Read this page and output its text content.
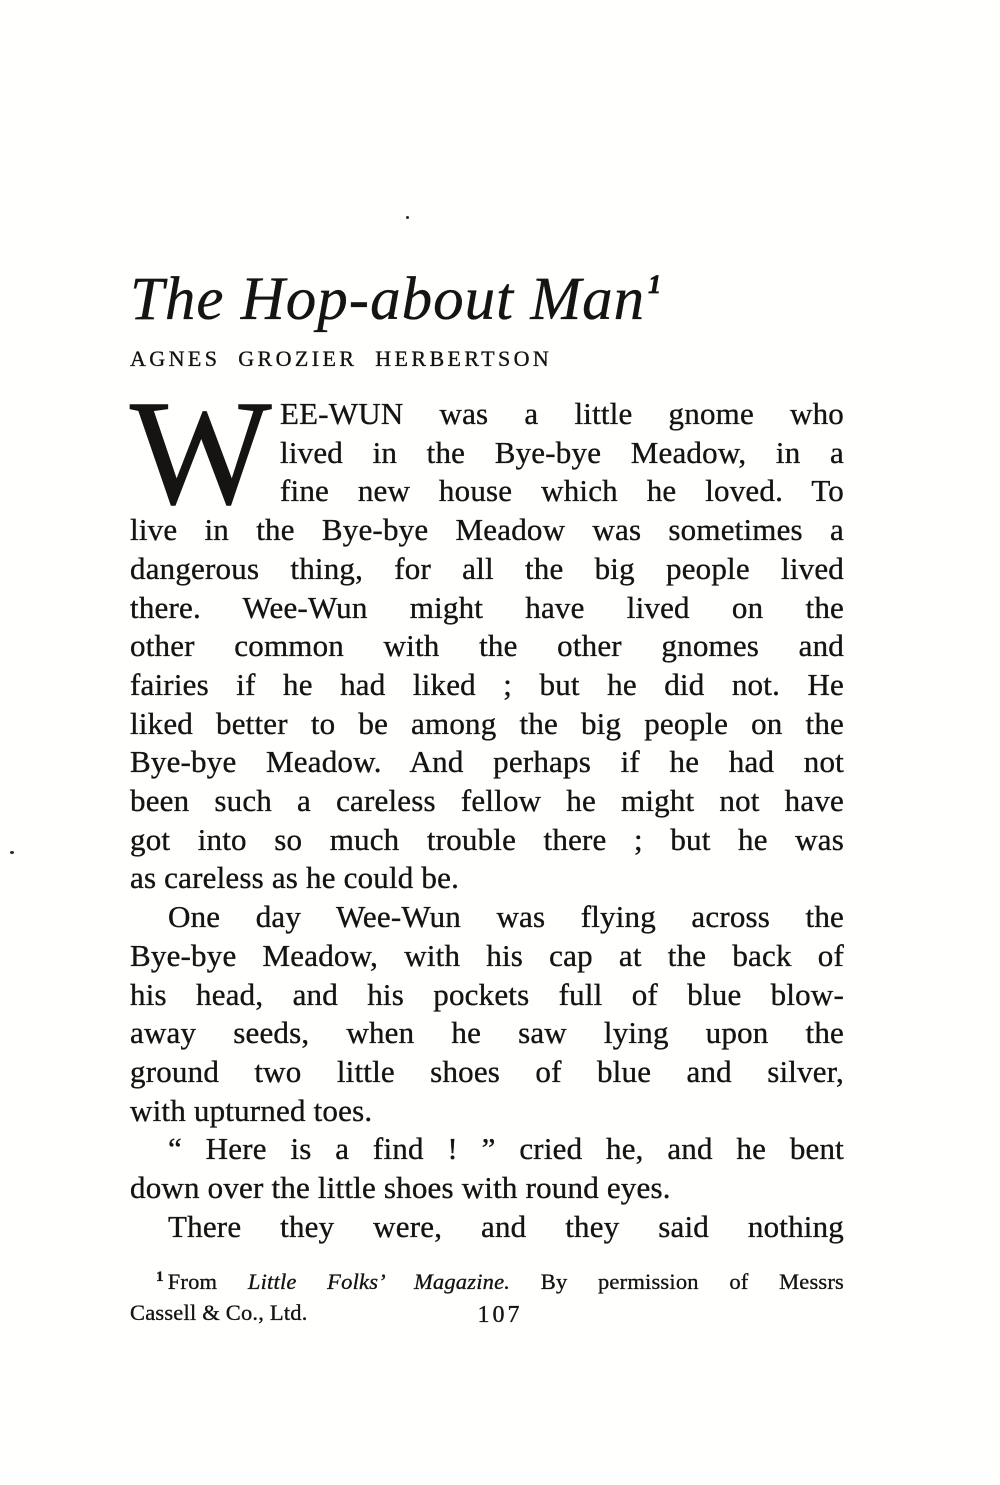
The Hop-about Man $^1$
AGNES GROZIER HERBERTSON
W EE-WUN was a little gnome who
lived in the Bye-bye Meadow, in a
fine new house which he loved. To
live in the Bye-bye Meadow was sometimes a
dangerous thing, for all the big people lived
there. Wee-Wun might have lived on the
other common with the other gnomes and
fairies if he had liked ; but he did not. He
liked better to be among the big people on the
Bye-bye Meadow. And perhaps if he had not
been such a careless fellow he might not have
got into so much trouble there ; but he was
as careless as he could be.
One day Wee-Wun was flying across the
Bye-bye Meadow, with his cap at the back of
his head, and his pockets full of blue blow-
away seeds, when he saw lying upon the
ground two little shoes of blue and silver,
with upturned toes.
“ Here is a find ! ” cried he, and he bent
down over the little shoes with round eyes.
There they were, and they said nothing
$^1$ From Little Folks’ Magazine. By permission of Messrs
Cassell & Co., Ltd.	107
